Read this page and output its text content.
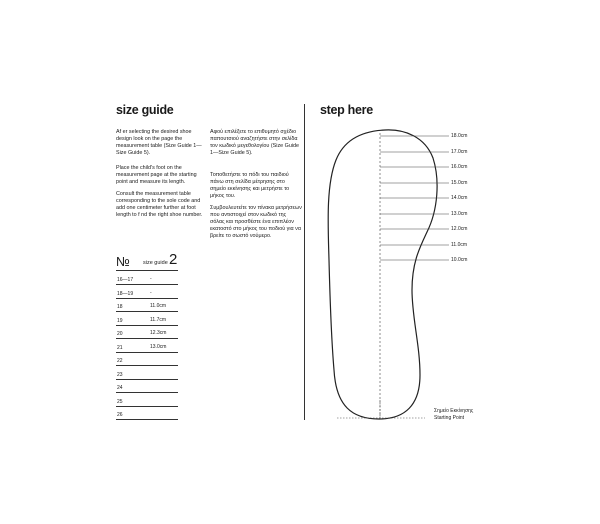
size guide
Af er selecting the desired shoe design look on the page the measurement table (Size Guide 1—Size Guide 5).
Place the child's foot on the measurement page at the starting point and measure its length.
Consult the measurement table corresponding to the sole code and add one centimeter further at foot length to f nd the right shoe number.
Αφού επιλέξετε το επιθυμητό σχέδιο παπουτσιού αναζητήστε στην σελίδα τον κωδικό μεγεθολογίου (Size Guide 1—Size Guide 5).
Τοποθετήστε το πόδι του παιδιού πάνω στη σελίδα μέτρησης στο σημείο εκκίνησης και μετρήστε το μήκος του.
Συμβουλευτείτε τον πίνακα μετρήσεων που αντιστοιχεί στον κωδικό της σόλας και προσθέστε ένα επιπλέον εκατοστό στο μήκος του ποδιού για να βρείτε το σωστό νούμερο.
№ size guide 2
16—17	-
18—19	-
18	11.0cm
19	11.7cm
20	12.3cm
21	13.0cm
22
23
24
25
26
step here
18.0cm
17.0cm
16.0cm
15.0cm
14.0cm
13.0cm
12.0cm
11.0cm
10.0cm
Σημείο Εκκίνησης
Starting Point
